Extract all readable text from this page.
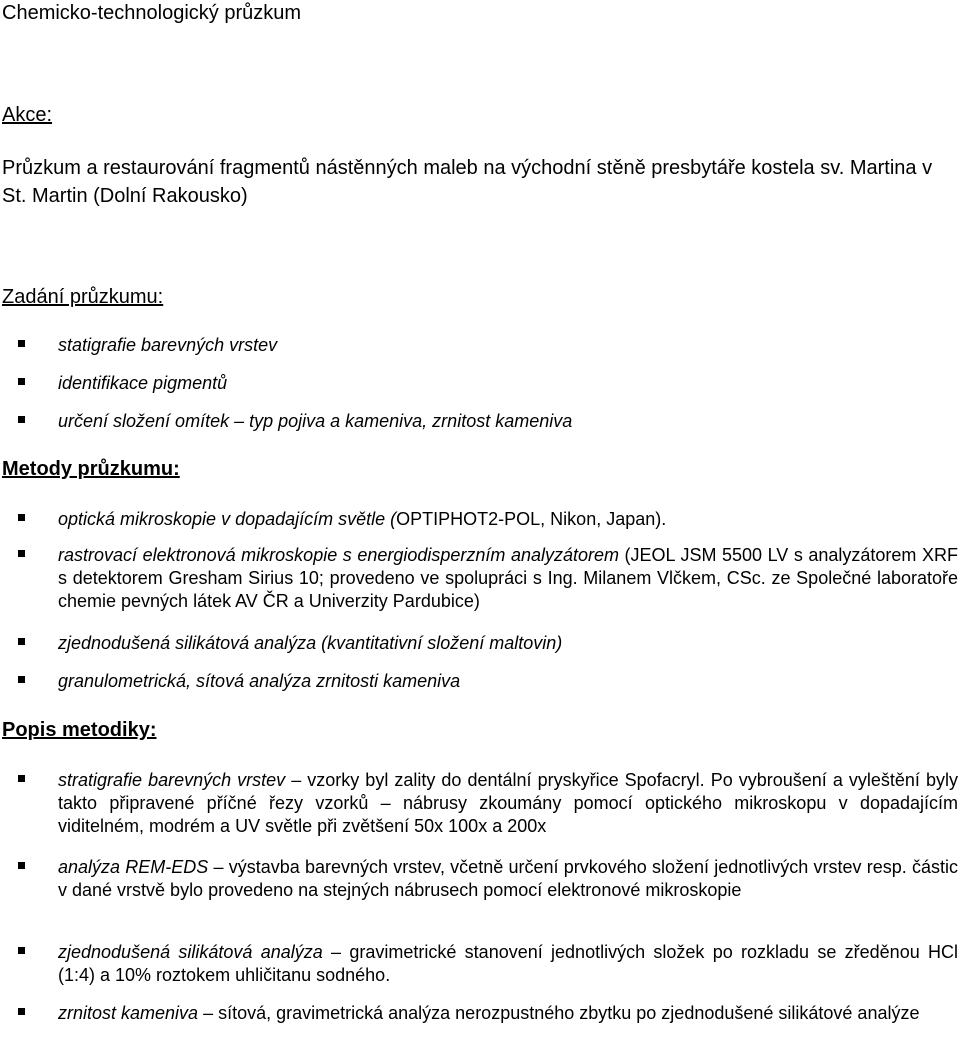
Chemicko-technologický průzkum
Akce:
Průzkum a restaurování fragmentů nástěnných maleb na východní stěně presbytáře kostela sv. Martina v St. Martin (Dolní Rakousko)
Zadání průzkumu:

statigrafie barevných vrstev

identifikace pigmentů

určení složení omítek – typ pojiva a kameniva, zrnitost kameniva

Metody průzkumu:

optická mikroskopie v dopadajícím světle (OPTIPHOT2-POL, Nikon, Japan).

rastrovací elektronová mikroskopie s energiodisperzním analyzátorem (JEOL JSM 5500 LV s analyzátorem XRF s detektorem Gresham Sirius 10; provedeno ve spolupráci s Ing. Milanem Vlčkem, CSc. ze Společné laboratoře chemie pevných látek AV ČR a Univerzity Pardubice)

zjednodušená silikátová analýza (kvantitativní složení maltovin)

granulometrická, sítová analýza zrnitosti kameniva

Popis metodiky:

stratigrafie barevných vrstev – vzorky byl zality do dentální pryskyřice Spofacryl. Po vybroušení a vyleštění byly takto připravené příčné řezy vzorků – nábrusy zkoumány pomocí optického mikroskopu v dopadajícím viditelném, modrém a UV světle při zvětšení 50x 100x a 200x

analýza REM-EDS – výstavba barevných vrstev, včetně určení prvkového složení jednotlivých vrstev resp. částic v dané vrstvě bylo provedeno na stejných nábrusech pomocí elektronové mikroskopie

zjednodušená silikátová analýza – gravimetrické stanovení jednotlivých složek po rozkladu se zředěnou HCl (1:4) a 10% roztokem uhličitanu sodného.

zrnitost kameniva – sítová, gravimetrická analýza nerozpustného zbytku po zjednodušené silikátové analýze
